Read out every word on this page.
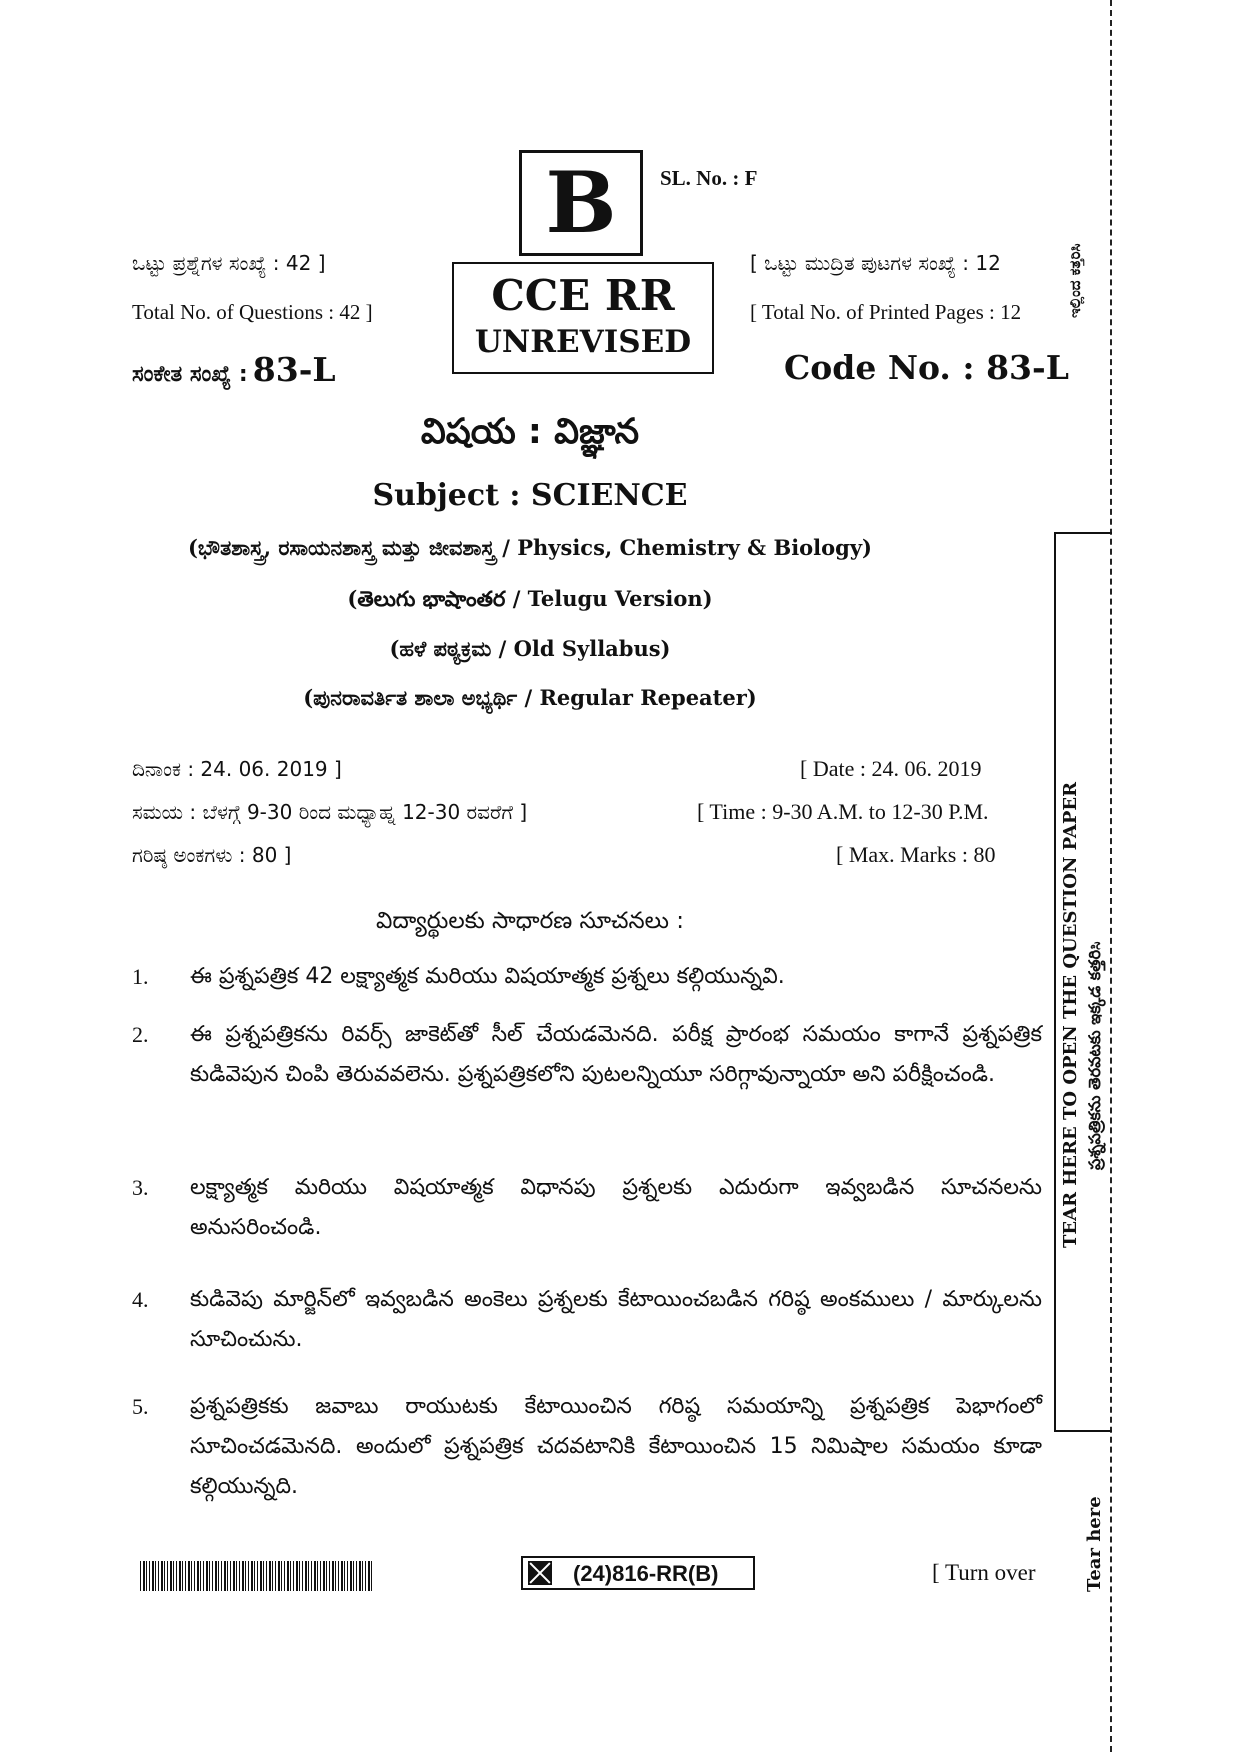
B	SL. No. : F
CCE RR
UNREVISED
ಒಟ್ಟು ಪ್ರಶ್ನೆಗಳ ಸಂಖ್ಯೆ : 42 ]
Total No. of Questions : 42 ]
[ ಒಟ್ಟು ಮುದ್ರಿತ ಪುಟಗಳ ಸಂಖ್ಯೆ : 12
[ Total No. of Printed Pages : 12
ಸಂಕೇತ ಸಂಖ್ಯೆ : 83-L	Code No. : 83-L
విషయ : విజ్ఞాన
Subject : SCIENCE
(ಭೌತಶಾಸ್ತ್ರ, ರಸಾಯನಶಾಸ್ತ್ರ ಮತ್ತು ಜೀವಶಾಸ್ತ್ರ / Physics, Chemistry & Biology)
(తెలుగు భాషాంతర / Telugu Version)
(ಹಳೆ ಪಠ್ಯಕ್ರಮ / Old Syllabus)
(ಪುನರಾವರ್ತಿತ ಶಾಲಾ ಅಭ್ಯರ್ಥಿ / Regular Repeater)
ದಿನಾಂಕ : 24. 06. 2019 ]	[ Date : 24. 06. 2019
ಸಮಯ : ಬೆಳಗ್ಗೆ 9-30 ರಿಂದ ಮಧ್ಯಾಹ್ನ 12-30 ರವರೆಗೆ ]	[ Time : 9-30 A.M. to 12-30 P.M.
ಗರಿಷ್ಠ ಅಂಕಗಳು : 80 ]	[ Max. Marks : 80
విద్యార్థులకు సాధారణ సూచనలు :
1. ఈ ప్రశ్నపత్రిక 42 లక్ష్యాత్మక మరియు విషయాత్మక ప్రశ్నలు కల్గియున్నవి.
2. ఈ ప్రశ్నపత్రికను రివర్స్ జాకెట్‌తో సీల్ చేయడమెనది. పరీక్ష ప్రారంభ సమయం కాగానే ప్రశ్నపత్రిక కుడివెపున చింపి తెరువవలెను. ప్రశ్నపత్రికలోని పుటలన్నియూ సరిగ్గావున్నాయా అని పరీక్షించండి.
3. లక్ష్యాత్మక మరియు విషయాత్మక విధానపు ప్రశ్నలకు ఎదురుగా ఇవ్వబడిన సూచనలను అనుసరించండి.
4. కుడివెపు మార్జిన్‌లో ఇవ్వబడిన అంకెలు ప్రశ్నలకు కేటాయించబడిన గరిష్ఠ అంకములు / మార్కులను సూచించును.
5. ప్రశ్నపత్రికకు జవాబు రాయుటకు కేటాయించిన గరిష్ఠ సమయాన్ని ప్రశ్నపత్రిక పెభాగంలో సూచించడమెనది. అందులో ప్రశ్నపత్రిక చదవటానికి కేటాయించిన 15 నిమిషాల సమయం కూడా కల్గియున్నది.
ಇಲ್ಲಿಂದ ಕತ್ತರಿಸಿ
TEAR HERE TO OPEN THE QUESTION PAPER ప్రశ్నపత్రికను తెరవటకు ఇక్కడ కత్తరిಸಿ
Tear here
(24)816-RR(B)	[ Turn over
